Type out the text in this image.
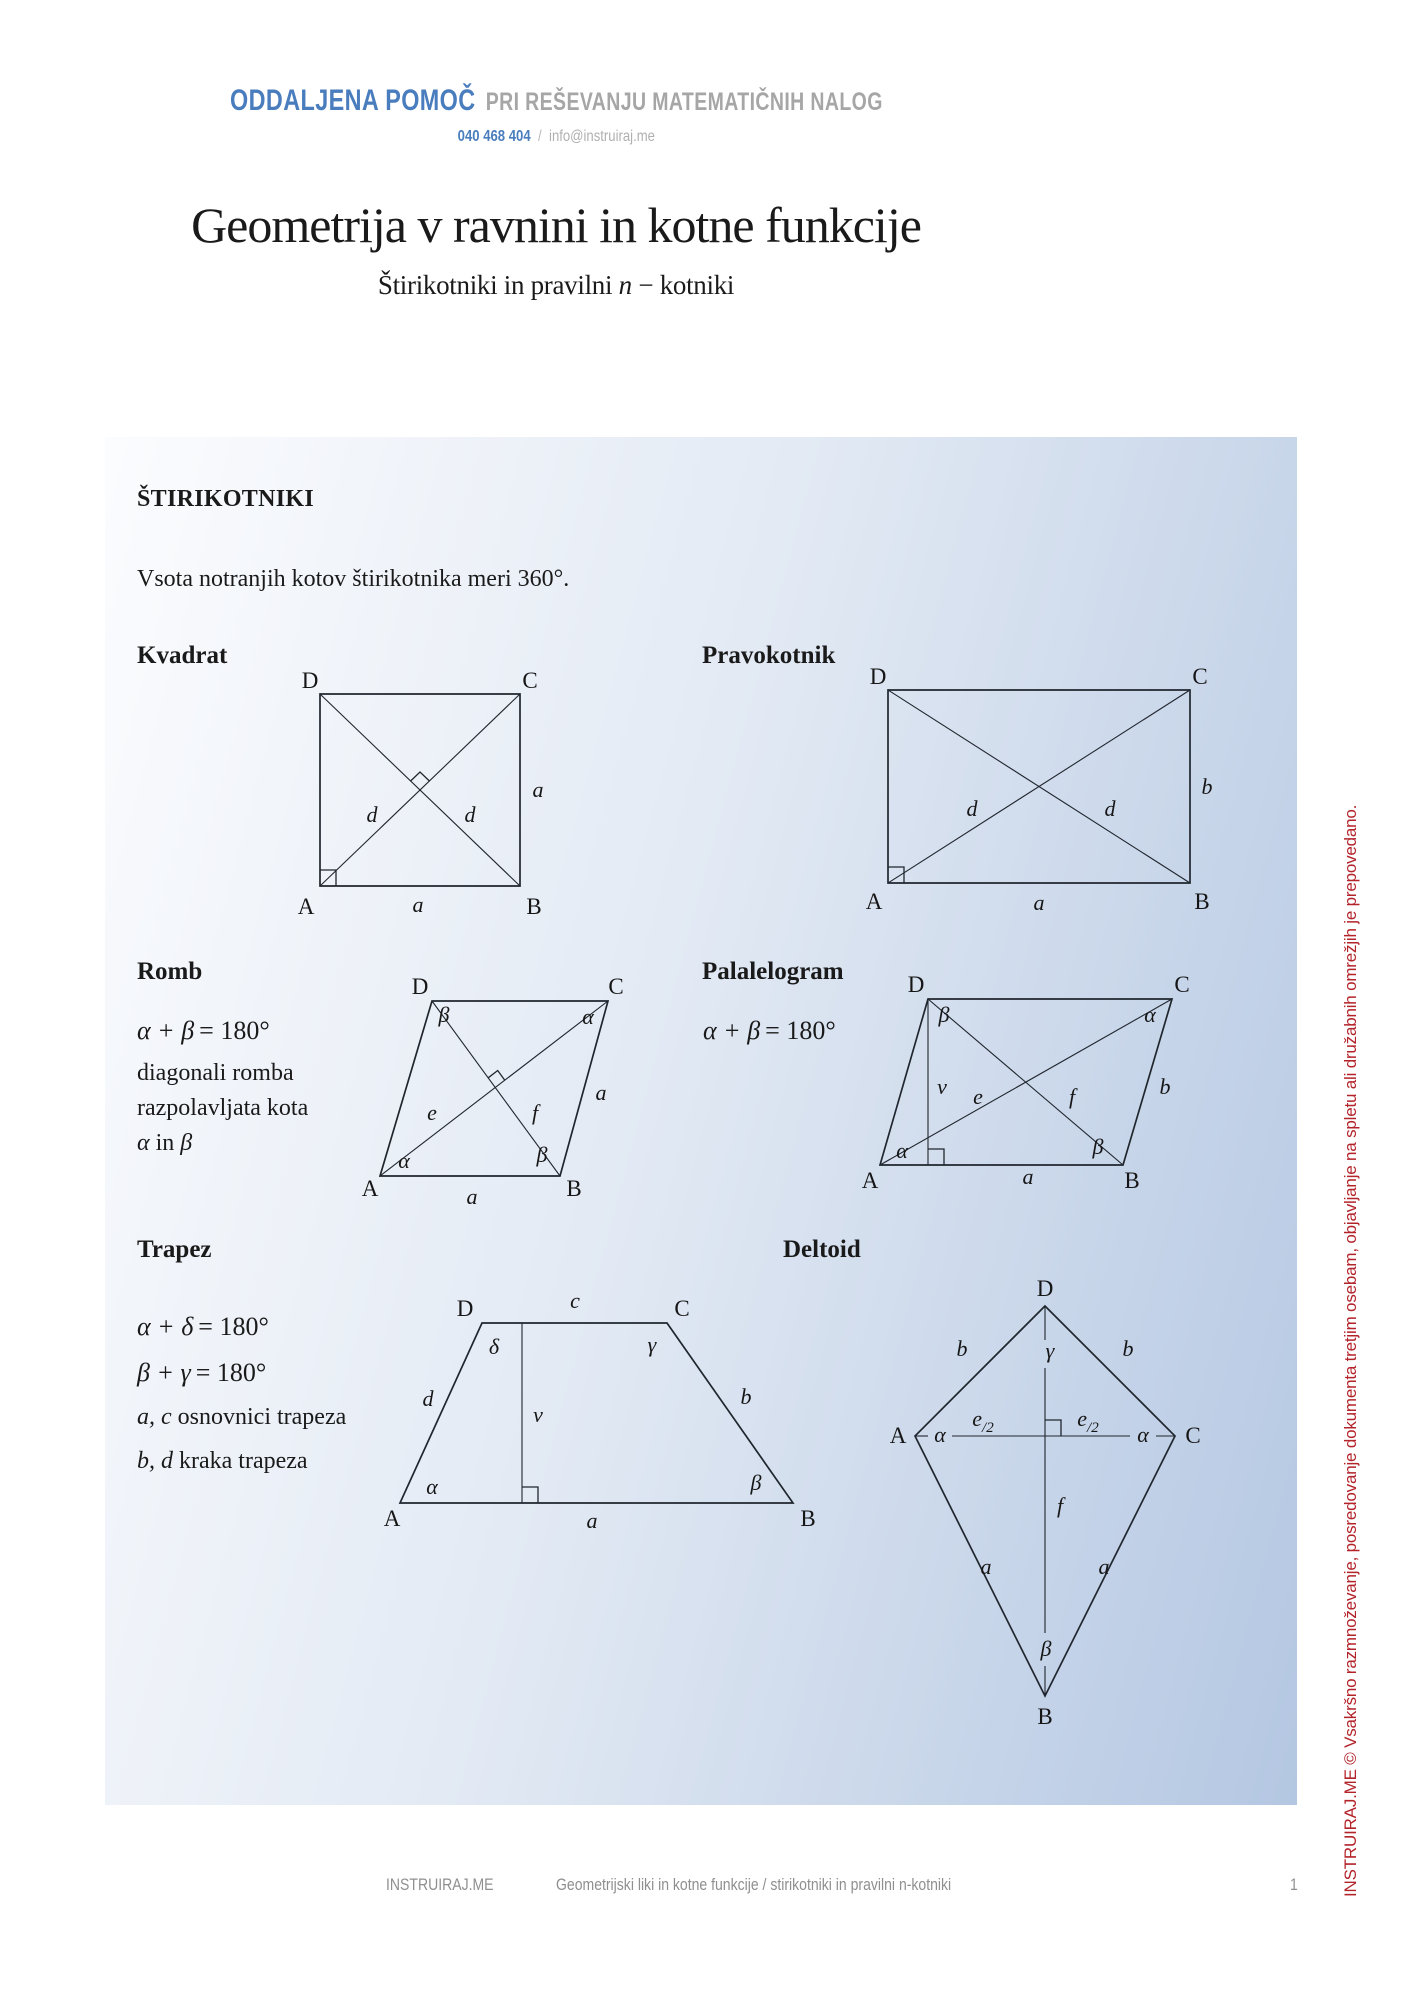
ODDALJENA POMOČ PRI REŠEVANJU MATEMATIČNIH NALOG
040 468 404 / info@instruiraj.me
Geometrija v ravnini in kotne funkcije
Štirikotniki in pravilni n − kotniki
ŠTIRIKOTNIKI
Vsota notranjih kotov štirikotnika meri 360°.
Kvadrat	Pravokotnik
D	C
A	B
a
a
d	d
D	C
A	B
d	d
a
b
Romb
α + β = 180°
diagonali romba
razpolavljata kota
α in β
A	B
C
D
α	β
α
β
e	f
a
a
Palalelogram
α + β = 180°
A	B
C
D
α	β
α
β
v e	f	b
a
Trapez
α + δ = 180°
β + γ = 180°
a, c osnovnici trapeza
b, d kraka trapeza
D	C
A	B
c
d	b
a
v
δ	γ
α	β
Deltoid
D
B
A	C
γ
β
α	α
b	b
a	a
$e_{/2}$	$e_{/2}$
f	INSTRUIRAJ.ME © Vsakršno razmnoževanje, posredovanje dokumenta tretjim osebam, objavljanje na spletu ali družabnih omrežjih je prepovedano.
INSTRUIRAJ.ME	Geometrijski liki in kotne funkcije / stirikotniki in pravilni n-kotniki	1
